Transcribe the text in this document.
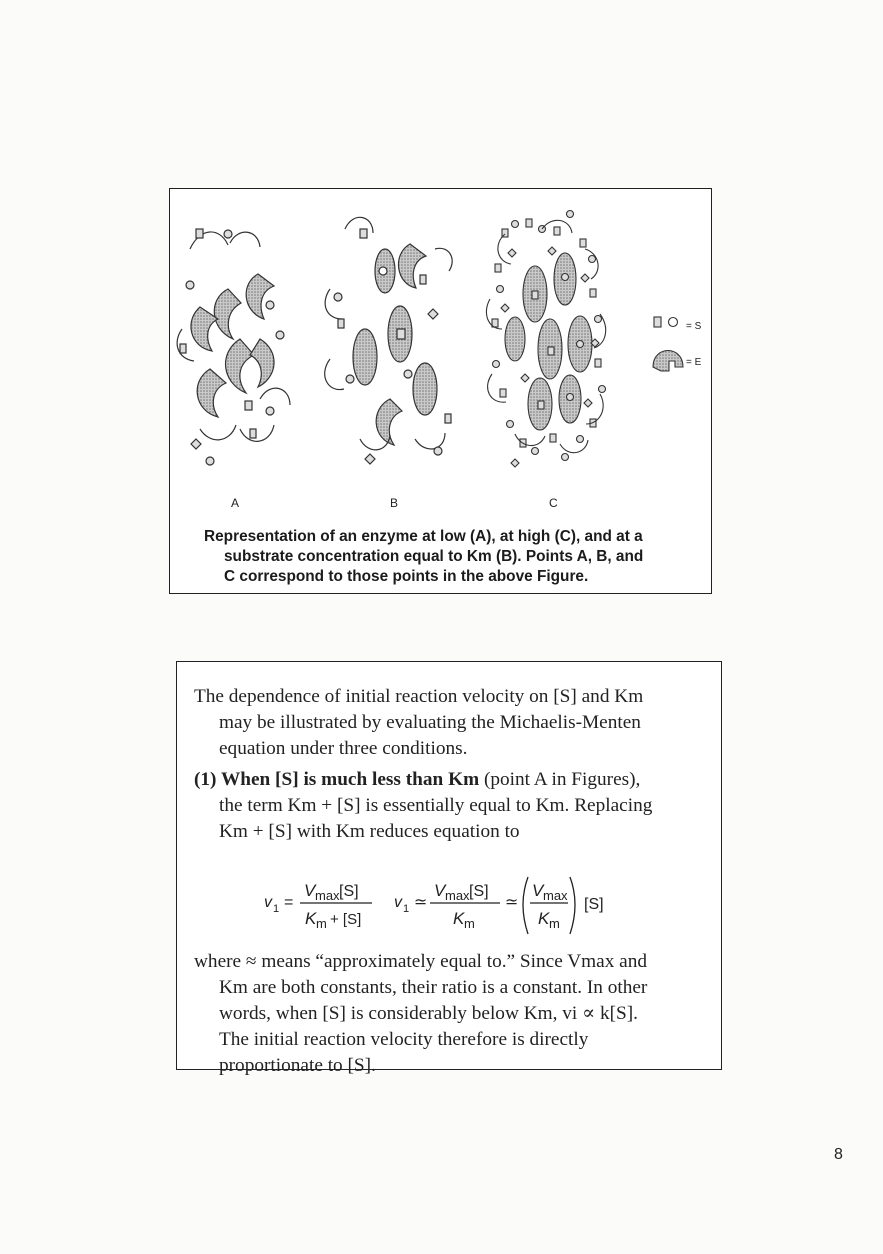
= S
= E
A	B	C
Representation of an enzyme at low (A), at high (C), and at a
substrate concentration equal to Km (B). Points A, B, and
C correspond to those points in the above Figure.
The dependence of initial reaction velocity on [S] and Km
may be illustrated by evaluating the Michaelis-Menten
equation under three conditions.
(1) When [S] is much less than Km (point A in Figures),
the term Km + [S] is essentially equal to Km. Replacing
Km + [S] with Km reduces equation to
v 1 =
V max [S]
K m + [S]
v 1 ≃
V max [S]
K m
≃
V max
K m
[S]
where ≈ means “approximately equal to.” Since Vmax and
Km are both constants, their ratio is a constant. In other
words, when [S] is considerably below Km, vi ∝ k[S].
The initial reaction velocity therefore is directly
proportionate to [S].
8
